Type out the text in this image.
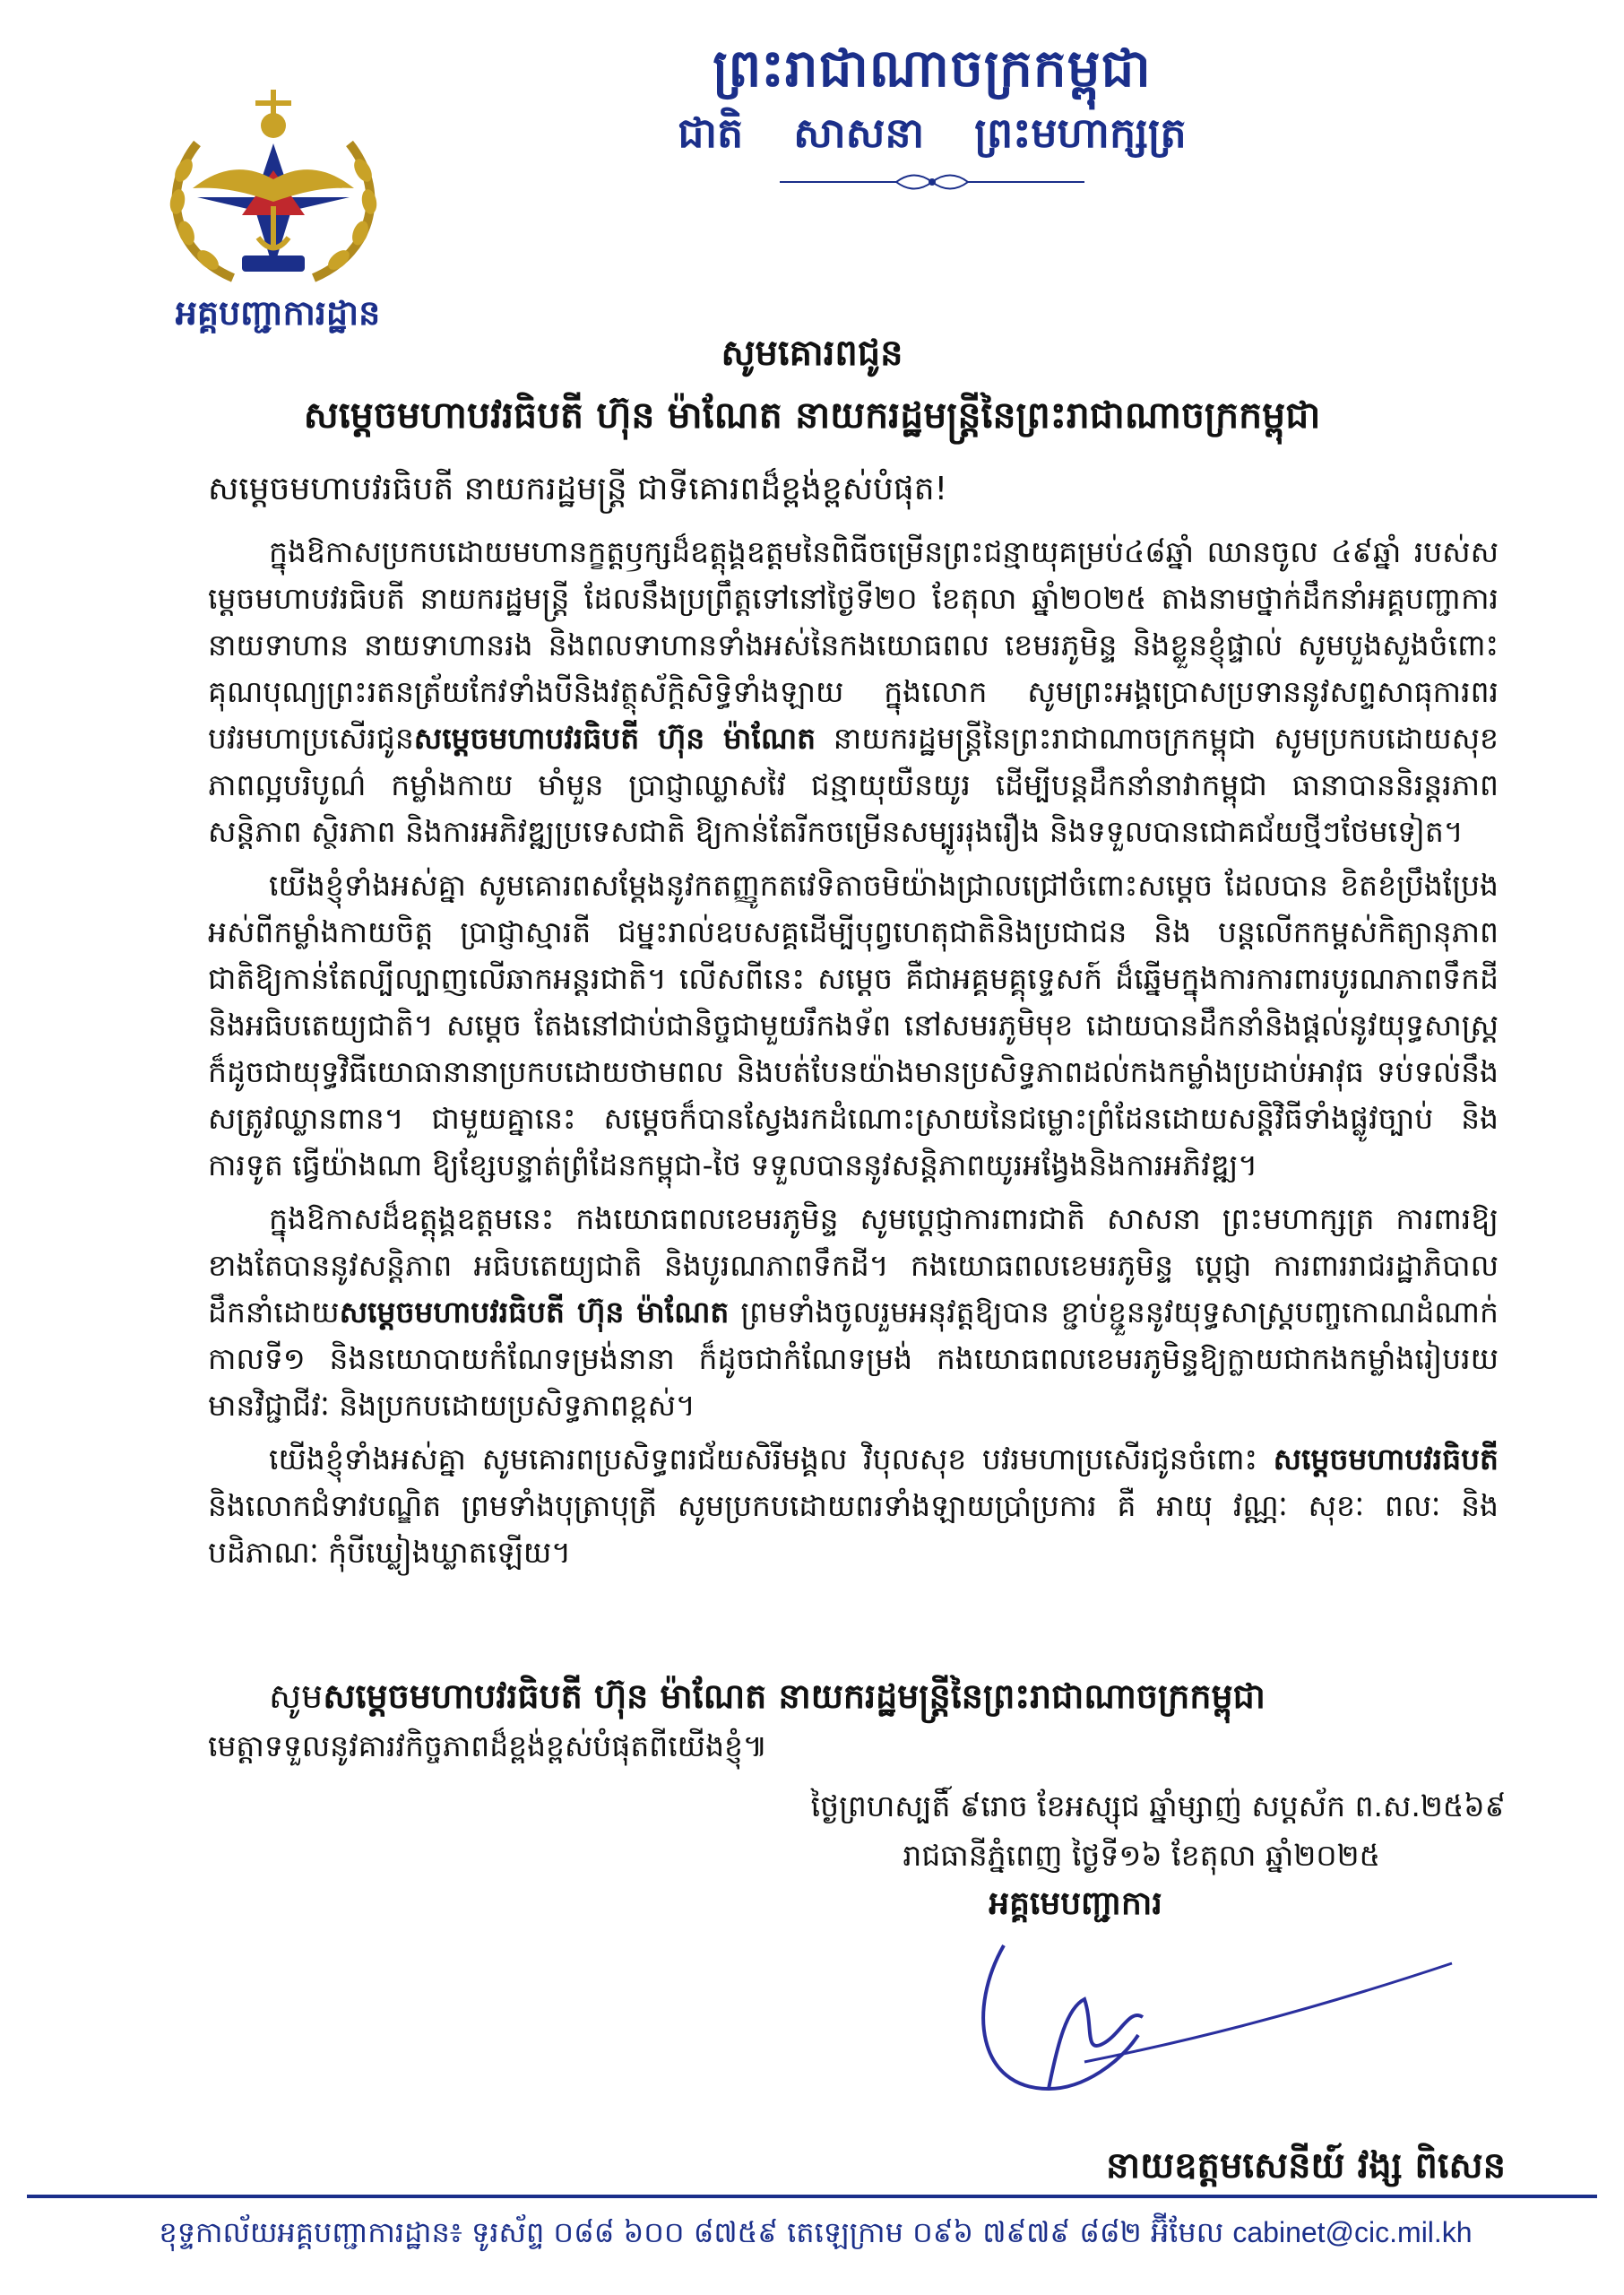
អគ្គបញ្ជាការដ្ឋាន
ព្រះរាជាណាចក្រកម្ពុជា
ជាតិ សាសនា ព្រះមហាក្សត្រ
សូមគោរពជូន
សម្តេចមហាបវរធិបតី ហ៊ុន ម៉ាណែត នាយករដ្ឋមន្ត្រីនៃព្រះរាជាណាចក្រកម្ពុជា
សម្តេចមហាបវរធិបតី នាយករដ្ឋមន្ត្រី ជាទីគោរពដ៏ខ្ពង់ខ្ពស់បំផុត!

ក្នុងឱកាសប្រកបដោយមហានក្ខត្តឫក្សដ៏ឧត្តុង្គឧត្តមនៃពិធីចម្រើនព្រះជន្មាយុគម្រប់៤៨ឆ្នាំ ឈានចូល ៤៩ឆ្នាំ របស់សម្តេចមហាបវរធិបតី នាយករដ្ឋមន្ត្រី ដែលនឹងប្រព្រឹត្តទៅនៅថ្ងៃទី២០ ខែតុលា ឆ្នាំ២០២៥ តាងនាមថ្នាក់ដឹកនាំអគ្គបញ្ជាការ នាយទាហាន នាយទាហានរង និងពលទាហានទាំងអស់នៃកងយោធពល ខេមរភូមិន្ទ និងខ្លួនខ្ញុំផ្ទាល់ សូមបួងសួងចំពោះគុណបុណ្យព្រះរតនត្រ័យកែវទាំងបីនិងវត្ថុស័ក្តិសិទ្ធិទាំងឡាយ ក្នុងលោក សូមព្រះអង្គប្រោសប្រទាននូវសព្ទសាធុការពរ បវរមហាប្រសើរជូនសម្តេចមហាបវរធិបតី ហ៊ុន ម៉ាណែត នាយករដ្ឋមន្ត្រីនៃព្រះរាជាណាចក្រកម្ពុជា សូមប្រកបដោយសុខភាពល្អបរិបូណ៌ កម្លាំងកាយ មាំមួន ប្រាជ្ញាឈ្លាសវៃ ជន្មាយុយឺនយូរ ដើម្បីបន្តដឹកនាំនាវាកម្ពុជា ធានាបាននិរន្តរភាព សន្តិភាព ស្ថិរភាព និងការអភិវឌ្ឍប្រទេសជាតិ ឱ្យកាន់តែរីកចម្រើនសម្បូររុងរឿង និងទទួលបានជោគជ័យថ្មីៗថែមទៀត។

យើងខ្ញុំទាំងអស់គ្នា សូមគោរពសម្តែងនូវកតញ្ញូកតវេទិតាចមិយ៉ាងជ្រាលជ្រៅចំពោះសម្តេច ដែលបាន ខិតខំប្រឹងប្រែងអស់ពីកម្លាំងកាយចិត្ត ប្រាជ្ញាស្មារតី ជម្នះរាល់ឧបសគ្គដើម្បីបុព្វហេតុជាតិនិងប្រជាជន និង បន្តលើកកម្ពស់កិត្យានុភាពជាតិឱ្យកាន់តែល្បីល្បាញលើឆាកអន្តរជាតិ។ លើសពីនេះ សម្តេច គឺជាអគ្គមគ្គុទ្ទេសក៍ ដ៏ឆ្នើមក្នុងការការពារបូរណភាពទឹកដី និងអធិបតេយ្យជាតិ។ សម្តេច តែងនៅជាប់ជានិច្ចជាមួយរឹកងទ័ព នៅសមរភូមិមុខ ដោយបានដឹកនាំនិងផ្តល់នូវយុទ្ធសាស្ត្រ ក៏ដូចជាយុទ្ធវិធីយោធានានាប្រកបដោយថាមពល និងបត់បែនយ៉ាងមានប្រសិទ្ធភាពដល់កងកម្លាំងប្រដាប់អាវុធ ទប់ទល់នឹងសត្រូវឈ្លានពាន។ ជាមួយគ្នានេះ សម្តេចក៏បានស្វែងរកដំណោះស្រាយនៃជម្លោះព្រំដែនដោយសន្តិវិធីទាំងផ្លូវច្បាប់ និងការទូត ធ្វើយ៉ាងណា ឱ្យខ្សែបន្ទាត់ព្រំដែនកម្ពុជា-ថៃ ទទួលបាននូវសន្តិភាពយូរអង្វែងនិងការអភិវឌ្ឍ។

ក្នុងឱកាសដ៏ឧត្តុង្គឧត្តមនេះ កងយោធពលខេមរភូមិន្ទ សូមប្តេជ្ញាការពារជាតិ សាសនា ព្រះមហាក្សត្រ ការពារឱ្យខាងតែបាននូវសន្តិភាព អធិបតេយ្យជាតិ និងបូរណភាពទឹកដី។ កងយោធពលខេមរភូមិន្ទ ប្តេជ្ញា ការពាររាជរដ្ឋាភិបាលដឹកនាំដោយសម្តេចមហាបវរធិបតី ហ៊ុន ម៉ាណែត ព្រមទាំងចូលរួមអនុវត្តឱ្យបាន ខ្ជាប់ខ្ជួននូវយុទ្ធសាស្ត្របញ្ចកោណដំណាក់កាលទី១ និងនយោបាយកំណែទម្រង់នានា ក៏ដូចជាកំណែទម្រង់ កងយោធពលខេមរភូមិន្ទឱ្យក្លាយជាកងកម្លាំងរៀបរយ មានវិជ្ជាជីវៈ និងប្រកបដោយប្រសិទ្ធភាពខ្ពស់។

យើងខ្ញុំទាំងអស់គ្នា សូមគោរពប្រសិទ្ធពរជ័យសិរីមង្គល វិបុលសុខ បវរមហាប្រសើរជូនចំពោះ សម្តេចមហាបវរធិបតី និងលោកជំទាវបណ្ឌិត ព្រមទាំងបុត្រាបុត្រី សូមប្រកបដោយពរទាំងឡាយប្រាំប្រការ គឺ អាយុ វណ្ណៈ សុខៈ ពលៈ និងបដិភាណៈ កុំបីឃ្លៀងឃ្លាតឡើយ។

សូមសម្តេចមហាបវរធិបតី ហ៊ុន ម៉ាណែត នាយករដ្ឋមន្ត្រីនៃព្រះរាជាណាចក្រកម្ពុជា
មេត្តាទទួលនូវគារវកិច្ចភាពដ៏ខ្ពង់ខ្ពស់បំផុតពីយើងខ្ញុំ៕
ថ្ងៃព្រហស្បតិ៍ ៩រោច ខែអស្សុជ ឆ្នាំម្សាញ់ សប្តស័ក ព.ស.២៥៦៩
រាជធានីភ្នំពេញ ថ្ងៃទី១៦ ខែតុលា ឆ្នាំ២០២៥
អគ្គមេបញ្ជាការ
នាយឧត្តមសេនីយ៍ វង្ស ពិសេន
ខុទ្ទកាល័យអគ្គបញ្ជាការដ្ឋាន៖ ទូរស័ព្ទ ០៨៨ ៦០០ ៨៧៥៩ តេឡេក្រាម ០៩៦ ៧៩៧៩ ៨៨២ អ៊ីមែល cabinet@cic.mil.kh
